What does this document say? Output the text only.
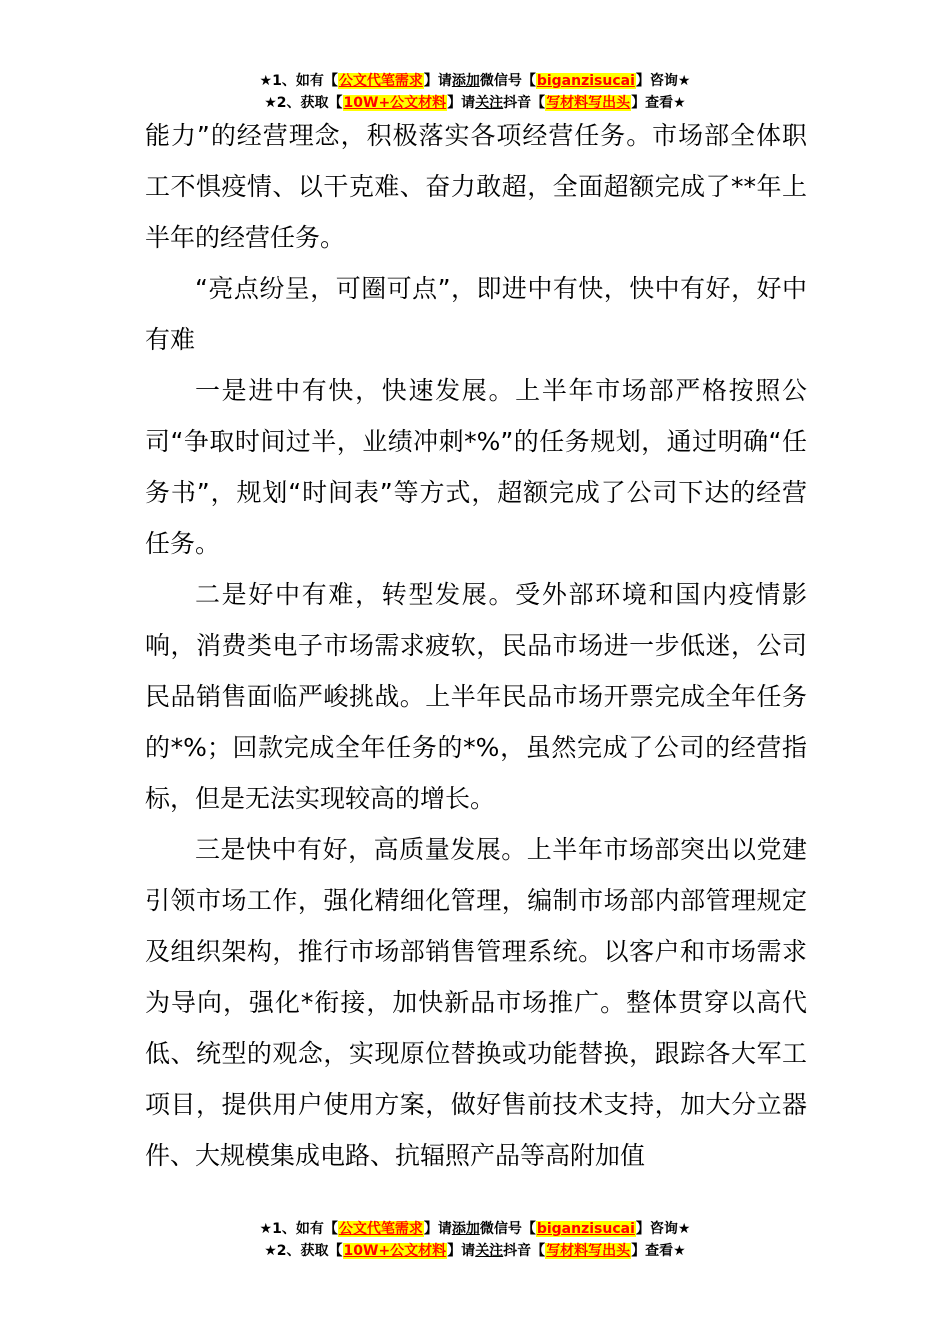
★1、如有【公文代笔需求】请添加微信号【biganzisucai】咨询★
★2、获取【10W+公文材料】请关注抖音【写材料写出头】查看★

能力”的经营理念，积极落实各项经营任务。市场部全体职工不惧疫情、以干克难、奋力敢超，全面超额完成了**年上半年的经营任务。

“亮点纷呈，可圈可点”，即进中有快，快中有好，好中有难

一是进中有快，快速发展。上半年市场部严格按照公司“争取时间过半，业绩冲刺*%”的任务规划，通过明确“任务书”，规划“时间表”等方式，超额完成了公司下达的经营任务。

二是好中有难，转型发展。受外部环境和国内疫情影响，消费类电子市场需求疲软，民品市场进一步低迷，公司民品销售面临严峻挑战。上半年民品市场开票完成全年任务的*%；回款完成全年任务的*%，虽然完成了公司的经营指标，但是无法实现较高的增长。

三是快中有好，高质量发展。上半年市场部突出以党建引领市场工作，强化精细化管理，编制市场部内部管理规定及组织架构，推行市场部销售管理系统。以客户和市场需求为导向，强化*衔接，加快新品市场推广。整体贯穿以高代低、统型的观念，实现原位替换或功能替换，跟踪各大军工项目，提供用户使用方案，做好售前技术支持，加大分立器件、大规模集成电路、抗辐照产品等高附加值

★1、如有【公文代笔需求】请添加微信号【biganzisucai】咨询★
★2、获取【10W+公文材料】请关注抖音【写材料写出头】查看★
